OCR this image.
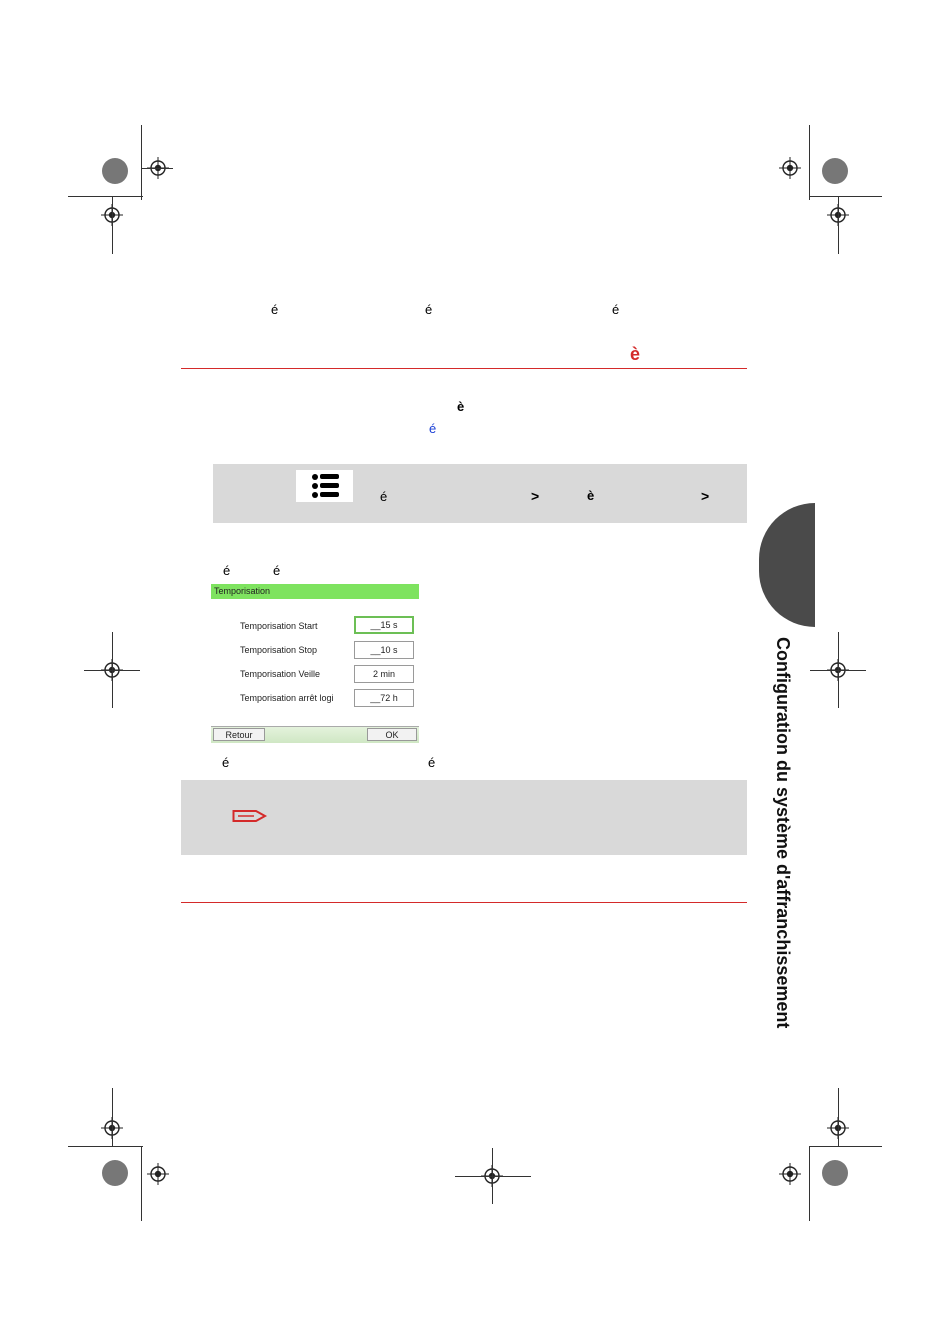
é	é	é
è
è
é
é	>	è	>
é	é
Temporisation
Temporisation Start	__15 s
Temporisation Stop	__10 s
Temporisation Veille	2 min
Temporisation arrêt logi	__72 h
Retour	OK
é	é	Configuration du système d'affranchissement
